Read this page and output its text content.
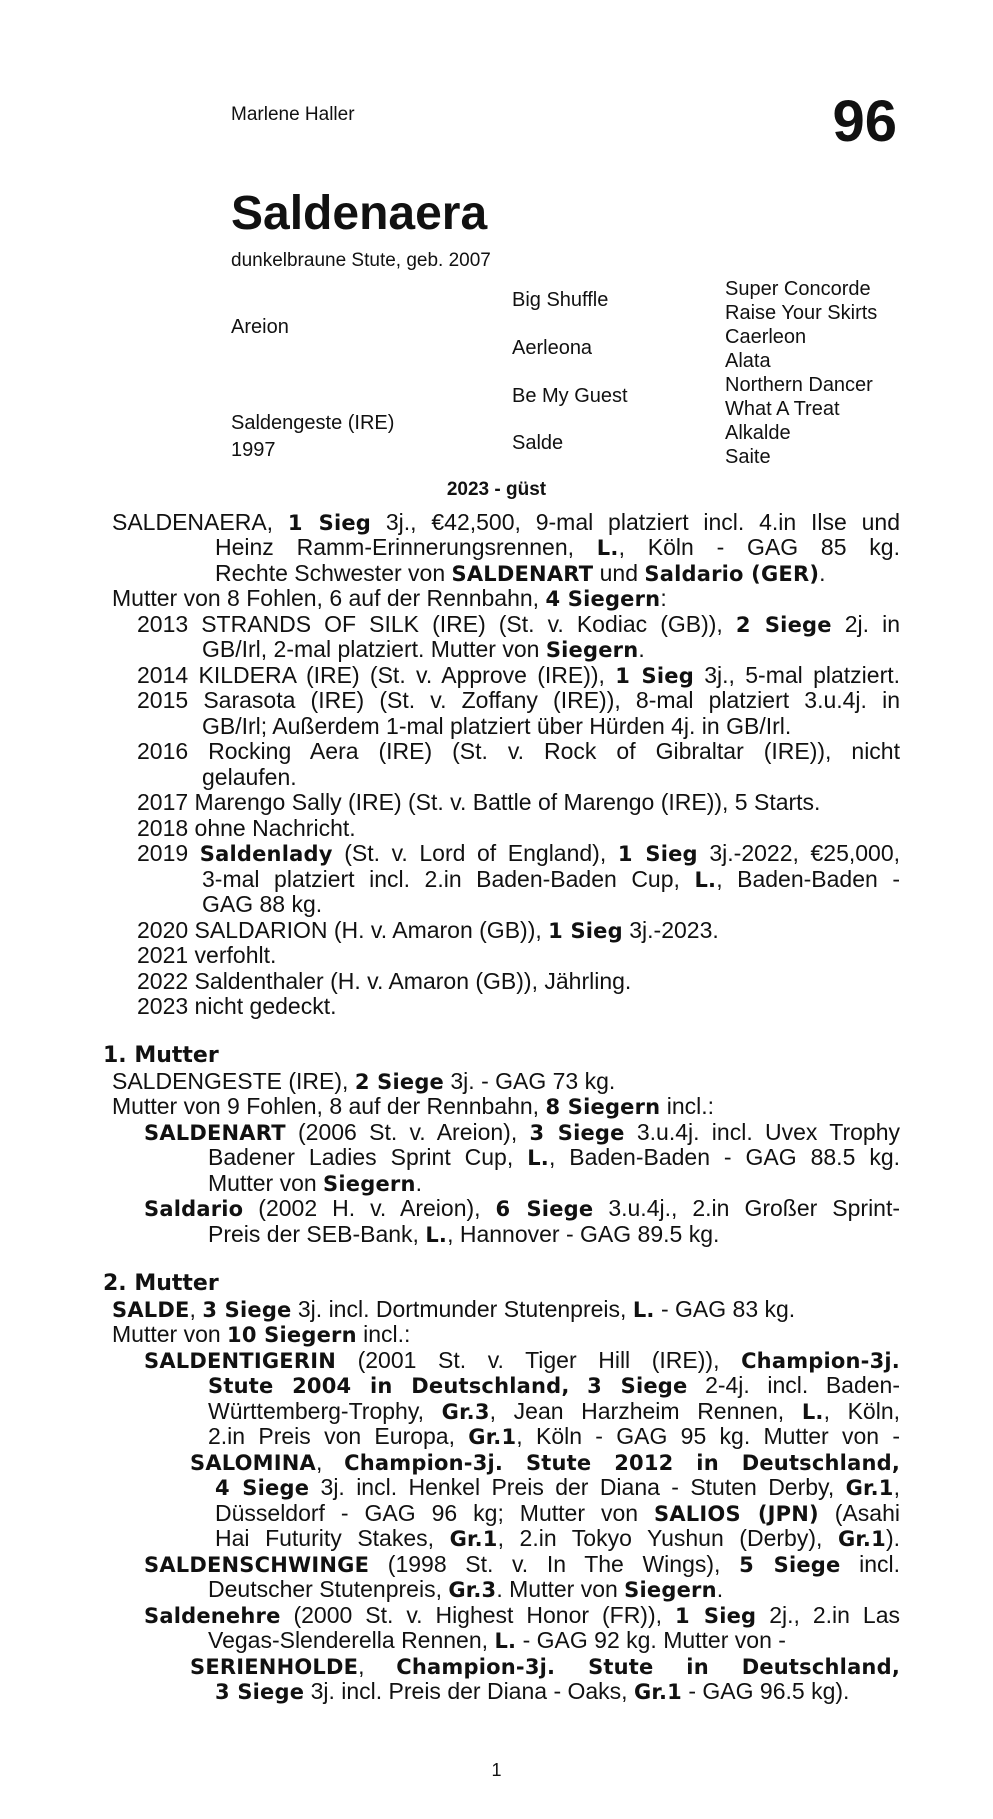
Marlene Haller	96
Saldenaera
dunkelbraune Stute, geb. 2007
Areion
Saldengeste (IRE)
1997
Big Shuffle
Aerleona
Be My Guest
Salde
Super Concorde
Raise Your Skirts
Caerleon
Alata
Northern Dancer
What A Treat
Alkalde
Saite
2023 - güst
SALDENAERA, 1 Sieg 3j., €42,500, 9-mal platziert incl. 4.in Ilse und
Heinz Ramm-Erinnerungsrennen, L., Köln - GAG 85 kg.
Rechte Schwester von SALDENART und Saldario (GER).
Mutter von 8 Fohlen, 6 auf der Rennbahn, 4 Siegern:
2013 STRANDS OF SILK (IRE) (St. v. Kodiac (GB)), 2 Siege 2j. in
GB/Irl, 2-mal platziert. Mutter von Siegern.
2014 KILDERA (IRE) (St. v. Approve (IRE)), 1 Sieg 3j., 5-mal platziert.
2015 Sarasota (IRE) (St. v. Zoffany (IRE)), 8-mal platziert 3.u.4j. in
GB/Irl; Außerdem 1-mal platziert über Hürden 4j. in GB/Irl.
2016 Rocking Aera (IRE) (St. v. Rock of Gibraltar (IRE)), nicht
gelaufen.
2017 Marengo Sally (IRE) (St. v. Battle of Marengo (IRE)), 5 Starts.
2018 ohne Nachricht.
2019 Saldenlady (St. v. Lord of England), 1 Sieg 3j.-2022, €25,000,
3-mal platziert incl. 2.in Baden-Baden Cup, L., Baden-Baden -
GAG 88 kg.
2020 SALDARION (H. v. Amaron (GB)), 1 Sieg 3j.-2023.
2021 verfohlt.
2022 Saldenthaler (H. v. Amaron (GB)), Jährling.
2023 nicht gedeckt.
1. Mutter
SALDENGESTE (IRE), 2 Siege 3j. - GAG 73 kg.
Mutter von 9 Fohlen, 8 auf der Rennbahn, 8 Siegern incl.:
SALDENART (2006 St. v. Areion), 3 Siege 3.u.4j. incl. Uvex Trophy
Badener Ladies Sprint Cup, L., Baden-Baden - GAG 88.5 kg.
Mutter von Siegern.
Saldario (2002 H. v. Areion), 6 Siege 3.u.4j., 2.in Großer Sprint-
Preis der SEB-Bank, L., Hannover - GAG 89.5 kg.
2. Mutter
SALDE, 3 Siege 3j. incl. Dortmunder Stutenpreis, L. - GAG 83 kg.
Mutter von 10 Siegern incl.:
SALDENTIGERIN (2001 St. v. Tiger Hill (IRE)), Champion-3j.
Stute 2004 in Deutschland, 3 Siege 2-4j. incl. Baden-
Württemberg-Trophy, Gr.3, Jean Harzheim Rennen, L., Köln,
2.in Preis von Europa, Gr.1, Köln - GAG 95 kg. Mutter von -
SALOMINA, Champion-3j. Stute 2012 in Deutschland,
4 Siege 3j. incl. Henkel Preis der Diana - Stuten Derby, Gr.1,
Düsseldorf - GAG 96 kg; Mutter von SALIOS (JPN) (Asahi
Hai Futurity Stakes, Gr.1, 2.in Tokyo Yushun (Derby), Gr.1).
SALDENSCHWINGE (1998 St. v. In The Wings), 5 Siege incl.
Deutscher Stutenpreis, Gr.3. Mutter von Siegern.
Saldenehre (2000 St. v. Highest Honor (FR)), 1 Sieg 2j., 2.in Las
Vegas-Slenderella Rennen, L. - GAG 92 kg. Mutter von -
SERIENHOLDE, Champion-3j. Stute in Deutschland,
3 Siege 3j. incl. Preis der Diana - Oaks, Gr.1 - GAG 96.5 kg).
1
